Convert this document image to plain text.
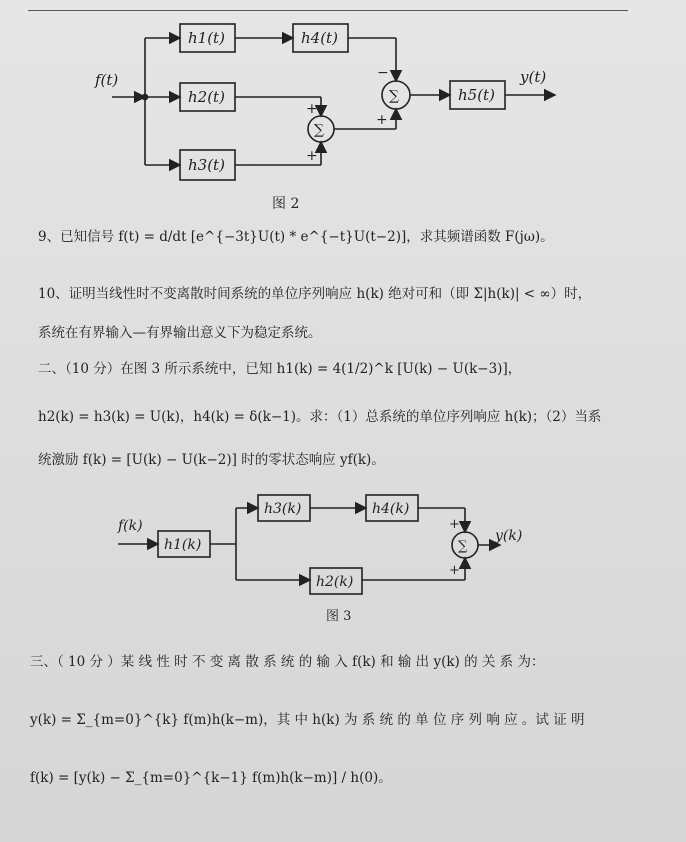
f(t)	y(t)
h1(t)
h2(t)
h3(t)
h4(t)
h5(t)
∑
∑
−
+
+
+
图 2
9、已知信号 f(t) = d/dt [e^{−3t}U(t) * e^{−t}U(t−2)]，求其频谱函数 F(jω)。
10、证明当线性时不变离散时间系统的单位序列响应 h(k) 绝对可和（即 Σ|h(k)| < ∞）时，
系统在有界输入—有界输出意义下为稳定系统。
二、（10 分）在图 3 所示系统中，已知 h1(k) = 4(1/2)^k [U(k) − U(k−3)]，
h2(k) = h3(k) = U(k)，h4(k) = δ(k−1)。求：（1）总系统的单位序列响应 h(k)；（2）当系
统激励 f(k) = [U(k) − U(k−2)] 时的零状态响应 yf(k)。
f(k)
y(k)
h1(k)
h2(k)
h3(k)	h4(k)
∑
+
+
图 3
三、（ 10 分 ）某 线 性 时 不 变 离 散 系 统 的 输 入 f(k) 和 输 出 y(k) 的 关 系 为：
y(k) = Σ_{m=0}^{k} f(m)h(k−m)，其 中 h(k) 为 系 统 的 单 位 序 列 响 应 。试 证 明
f(k) = [y(k) − Σ_{m=0}^{k−1} f(m)h(k−m)] / h(0)。
